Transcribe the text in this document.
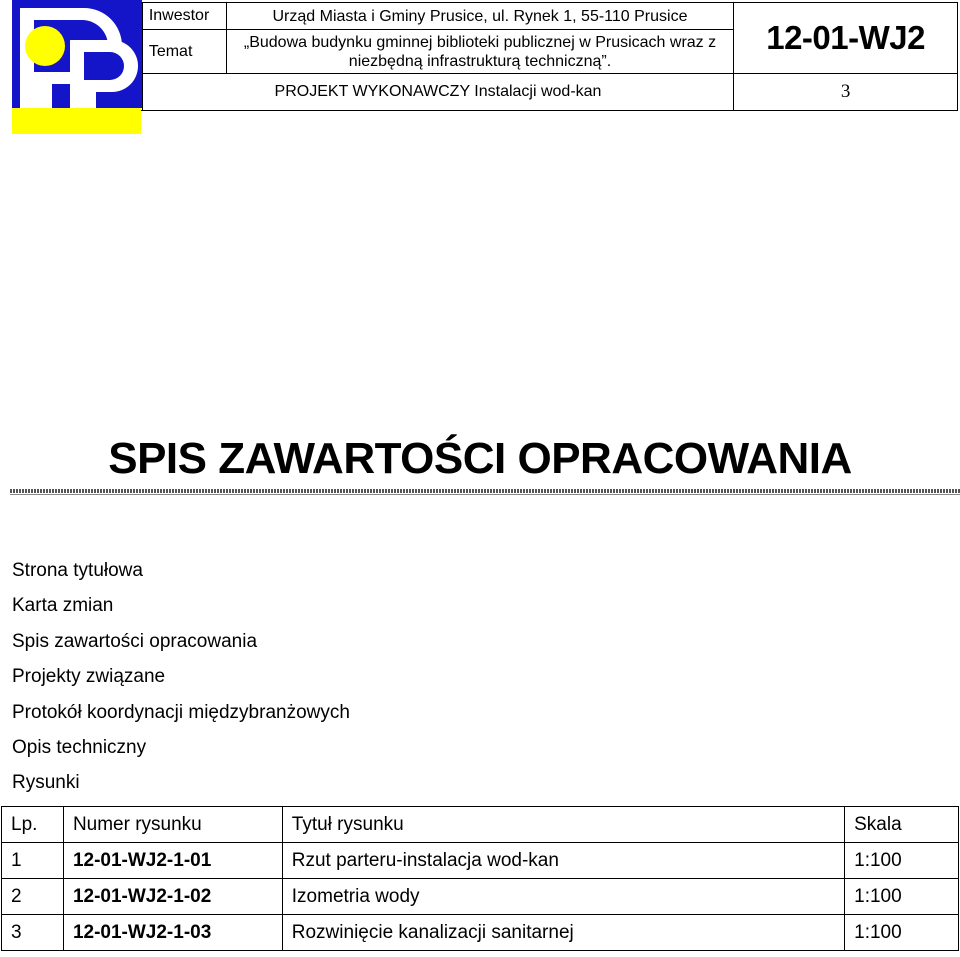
	Inwestor	Urząd Miasta i Gminy Prusice, ul. Rynek 1, 55-110 Prusice	12-01-WJ2
	Temat	„Budowa budynku gminnej biblioteki publicznej w Prusicach wraz z niezbędną infrastrukturą techniczną”.	
	PROJEKT WYKONAWCZY Instalacji wod-kan		3
SPIS ZAWARTOŚCI OPRACOWANIA
Strona tytułowa
Karta zmian
Spis zawartości opracowania
Projekty związane
Protokół koordynacji międzybranżowych
Opis techniczny
Rysunki
Lp.	Numer rysunku	Tytuł rysunku	Skala
1	12-01-WJ2-1-01	Rzut parteru-instalacja wod-kan	1:100
2	12-01-WJ2-1-02	Izometria wody	1:100
3	12-01-WJ2-1-03	Rozwinięcie kanalizacji sanitarnej	1:100
